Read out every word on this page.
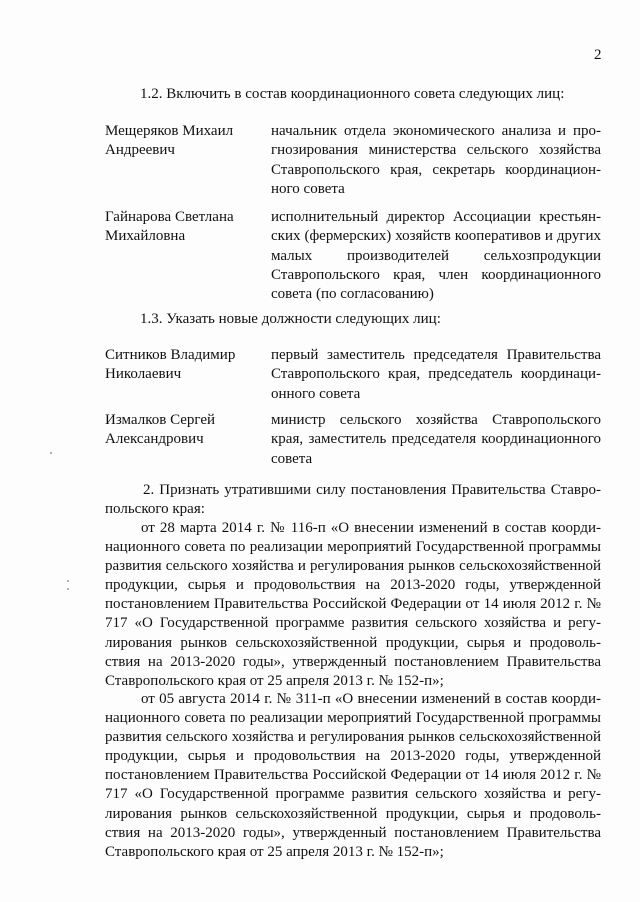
2
1.2. Включить в состав координационного совета следующих лиц:
Мещеряков Михаил
Андреевич
начальник отдела экономического анализа и прогнозирования министерства сельского хозяйства Ставропольского края, секретарь координационного совета
Гайнарова Светлана
Михайловна
исполнительный директор Ассоциации крестьянских (фермерских) хозяйств кооперативов и других малых производителей сельхозпродукции Ставропольского края, член координационного совета (по согласованию)
1.3. Указать новые должности следующих лиц:
Ситников Владимир
Николаевич
первый заместитель председателя Правительства Ставропольского края, председатель координационного совета
Измалков Сергей
Александрович
министр сельского хозяйства Ставропольского края, заместитель председателя координационного совета
2. Признать утратившими силу постановления Правительства Ставропольского края:
от 28 марта 2014 г. № 116-п «О внесении изменений в состав координационного совета по реализации мероприятий Государственной программы развития сельского хозяйства и регулирования рынков сельскохозяйственной продукции, сырья и продовольствия на 2013-2020 годы, утвержденной постановлением Правительства Российской Федерации от 14 июля 2012 г. № 717 «О Государственной программе развития сельского хозяйства и регулирования рынков сельскохозяйственной продукции, сырья и продовольствия на 2013-2020 годы», утвержденный постановлением Правительства Ставропольского края от 25 апреля 2013 г. № 152-п»;
от 05 августа 2014 г. № 311-п «О внесении изменений в состав координационного совета по реализации мероприятий Государственной программы развития сельского хозяйства и регулирования рынков сельскохозяйственной продукции, сырья и продовольствия на 2013-2020 годы, утвержденной постановлением Правительства Российской Федерации от 14 июля 2012 г. № 717 «О Государственной программе развития сельского хозяйства и регулирования рынков сельскохозяйственной продукции, сырья и продовольствия на 2013-2020 годы», утвержденный постановлением Правительства Ставропольского края от 25 апреля 2013 г. № 152-п»;
